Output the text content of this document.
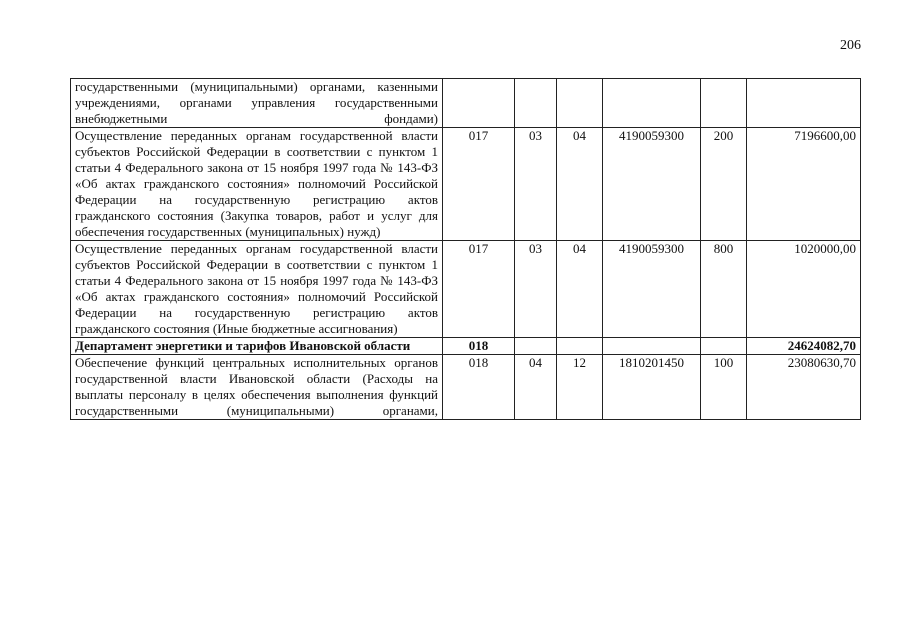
206
государственными (муниципальными) органами, казенными учреждениями, органами управления государственными внебюджетными фондами)						
Осуществление переданных органам государственной власти субъектов Российской Федерации в соответствии с пунктом 1 статьи 4 Федерального закона от 15 ноября 1997 года № 143-ФЗ «Об актах гражданского состояния» полномочий Российской Федерации на государственную регистрацию актов гражданского состояния (Закупка товаров, работ и услуг для обеспечения государственных (муниципальных) нужд)	017	03	04	4190059300	200	7196600,00
Осуществление переданных органам государственной власти субъектов Российской Федерации в соответствии с пунктом 1 статьи 4 Федерального закона от 15 ноября 1997 года № 143-ФЗ «Об актах гражданского состояния» полномочий Российской Федерации на государственную регистрацию актов гражданского состояния (Иные бюджетные ассигнования)	017	03	04	4190059300	800	1020000,00
Департамент энергетики и тарифов Ивановской области	018					24624082,70
Обеспечение функций центральных исполнительных органов государственной власти Ивановской области (Расходы на выплаты персоналу в целях обеспечения выполнения функций государственными (муниципальными) органами,	018	04	12	1810201450	100	23080630,70
